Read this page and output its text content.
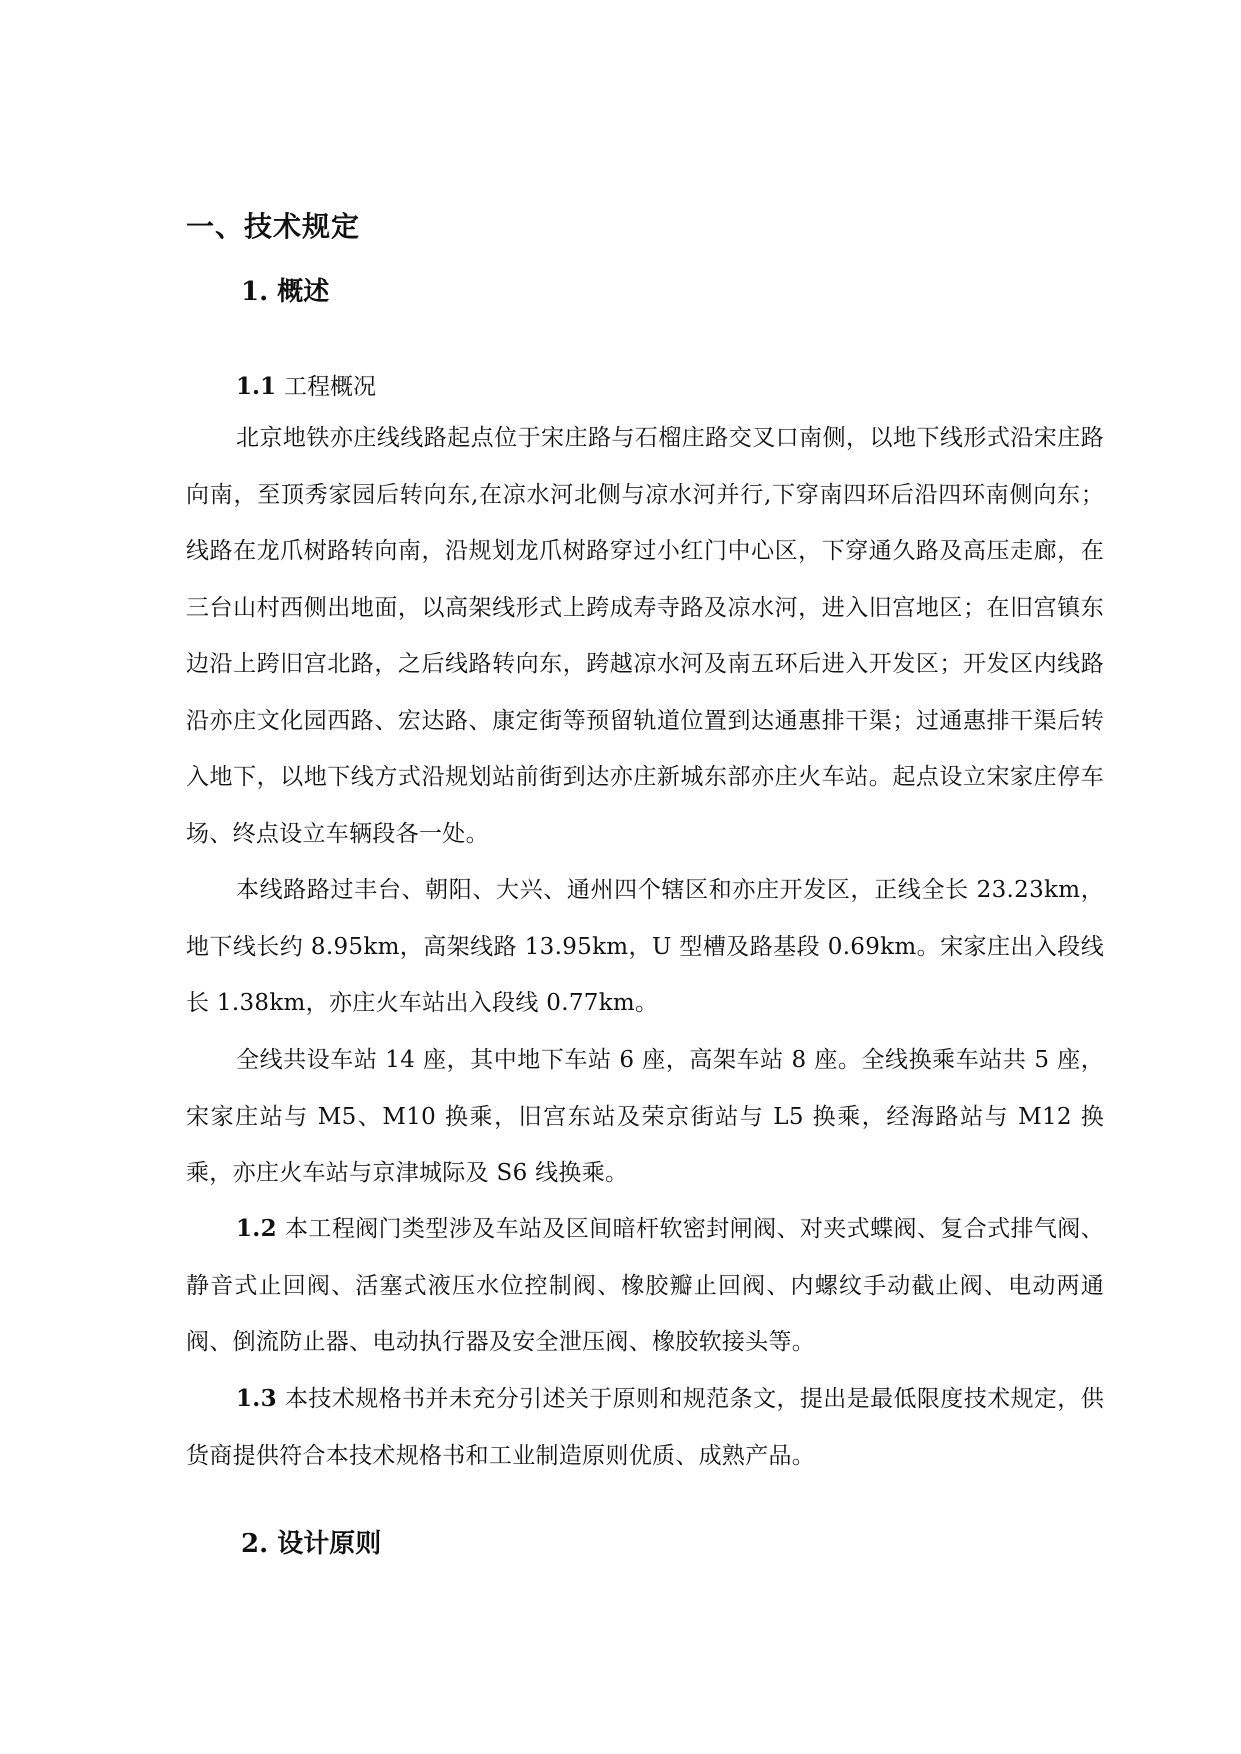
一、技术规定
1. 概述
1.1 工程概况

北京地铁亦庄线线路起点位于宋庄路与石榴庄路交叉口南侧，以地下线形式沿宋庄路向南，至顶秀家园后转向东,在凉水河北侧与凉水河并行,下穿南四环后沿四环南侧向东；线路在龙爪树路转向南，沿规划龙爪树路穿过小红门中心区，下穿通久路及高压走廊，在三台山村西侧出地面，以高架线形式上跨成寿寺路及凉水河，进入旧宫地区；在旧宫镇东边沿上跨旧宫北路，之后线路转向东，跨越凉水河及南五环后进入开发区；开发区内线路沿亦庄文化园西路、宏达路、康定街等预留轨道位置到达通惠排干渠；过通惠排干渠后转入地下，以地下线方式沿规划站前街到达亦庄新城东部亦庄火车站。起点设立宋家庄停车场、终点设立车辆段各一处。

本线路路过丰台、朝阳、大兴、通州四个辖区和亦庄开发区，正线全长 23.23km，地下线长约 8.95km，高架线路 13.95km，U 型槽及路基段 0.69km。宋家庄出入段线长 1.38km，亦庄火车站出入段线 0.77km。

全线共设车站 14 座，其中地下车站 6 座，高架车站 8 座。全线换乘车站共 5 座，宋家庄站与 M5、M10 换乘，旧宫东站及荣京街站与 L5 换乘，经海路站与 M12 换乘，亦庄火车站与京津城际及 S6 线换乘。

1.2 本工程阀门类型涉及车站及区间暗杆软密封闸阀、对夹式蝶阀、复合式排气阀、静音式止回阀、活塞式液压水位控制阀、橡胶瓣止回阀、内螺纹手动截止阀、电动两通阀、倒流防止器、电动执行器及安全泄压阀、橡胶软接头等。

1.3 本技术规格书并未充分引述关于原则和规范条文，提出是最低限度技术规定，供货商提供符合本技术规格书和工业制造原则优质、成熟产品。

2. 设计原则
